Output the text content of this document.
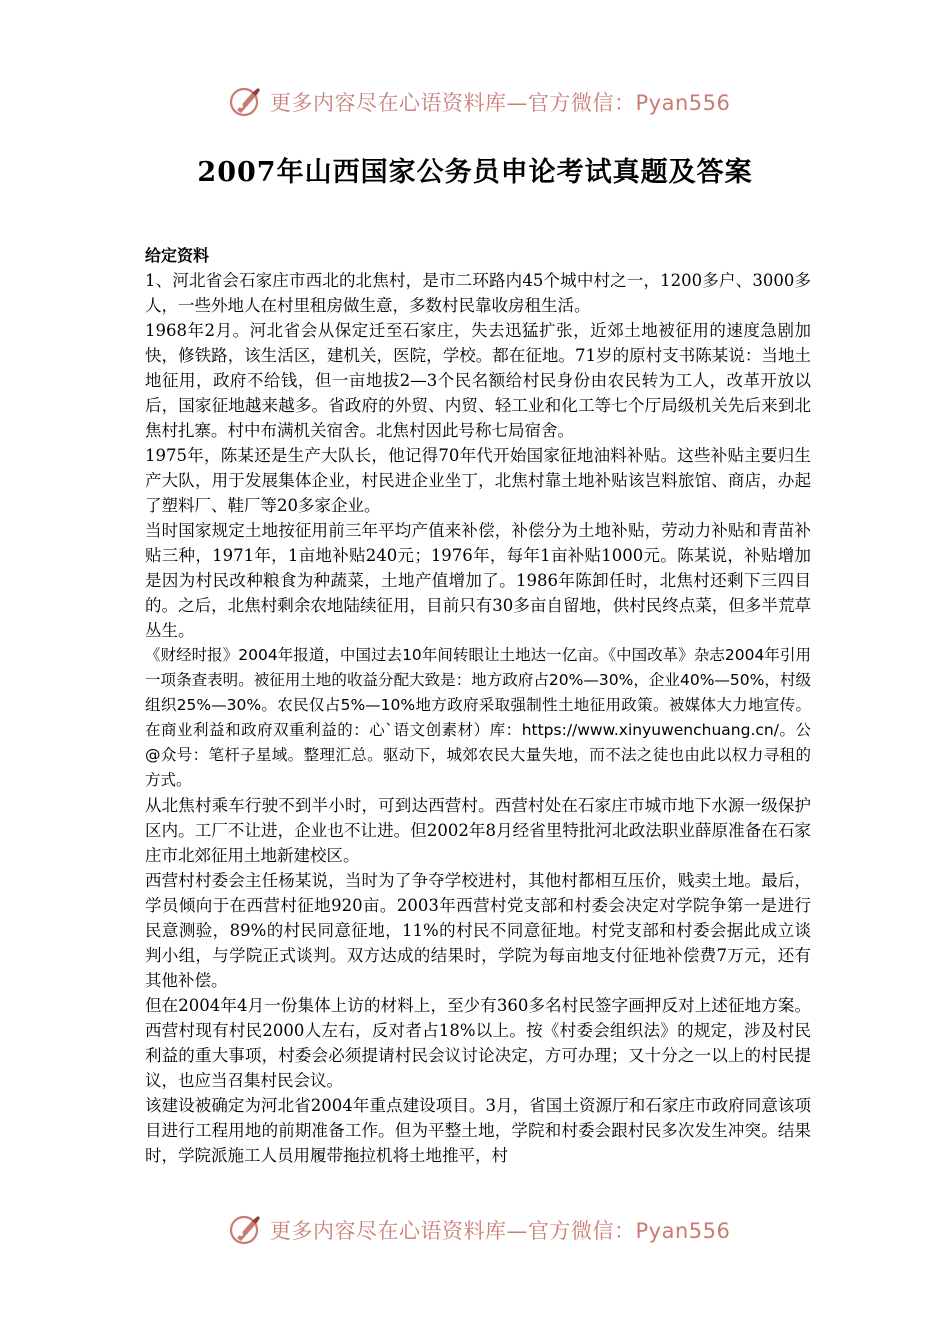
更多内容尽在心语资料库—官方微信：Pyan556
2007年山西国家公务员申论考试真题及答案
给定资料

1、河北省会石家庄市西北的北焦村，是市二环路内45个城中村之一，1200多户、3000多人，一些外地人在村里租房做生意，多数村民靠收房租生活。

1968年2月。河北省会从保定迁至石家庄，失去迅猛扩张，近郊土地被征用的速度急剧加快，修铁路，该生活区，建机关，医院，学校。都在征地。71岁的原村支书陈某说：当地土地征用，政府不给钱，但一亩地拔2—3个民名额给村民身份由农民转为工人，改革开放以后，国家征地越来越多。省政府的外贸、内贸、轻工业和化工等七个厅局级机关先后来到北焦村扎寨。村中布满机关宿舍。北焦村因此号称七局宿舍。

1975年，陈某还是生产大队长，他记得70年代开始国家征地油料补贴。这些补贴主要归生产大队，用于发展集体企业，村民进企业坐丁，北焦村靠土地补贴该岂料旅馆、商店，办起了塑料厂、鞋厂等20多家企业。

当时国家规定土地按征用前三年平均产值来补偿，补偿分为土地补贴，劳动力补贴和青苗补贴三种，1971年，1亩地补贴240元；1976年，每年1亩补贴1000元。陈某说，补贴增加是因为村民改种粮食为种蔬菜，土地产值增加了。1986年陈卸任时，北焦村还剩下三四目的。之后，北焦村剩余农地陆续征用，目前只有30多亩自留地，供村民终点菜，但多半荒草丛生。

《财经时报》2004年报道，中国过去10年间转眼让土地达一亿亩。《中国改革》杂志2004年引用一项条查表明。被征用土地的收益分配大致是：地方政府占20%—30%，企业40%—50%，村级组织25%—30%。农民仅占5%—10%地方政府采取强制性土地征用政策。被媒体大力地宣传。在商业利益和政府双重利益的：心`语文创素材）库：https://www.xinyuwenchuang.cn/。公@众号：笔杆子星域。整理汇总。驱动下，城郊农民大量失地，而不法之徒也由此以权力寻租的方式。

从北焦村乘车行驶不到半小时，可到达西营村。西营村处在石家庄市城市地下水源一级保护区内。工厂不让进，企业也不让进。但2002年8月经省里特批河北政法职业薛原准备在石家庄市北郊征用土地新建校区。

西营村村委会主任杨某说，当时为了争夺学校进村，其他村都相互压价，贱卖土地。最后，学员倾向于在西营村征地920亩。2003年西营村党支部和村委会决定对学院争第一是进行民意测验，89%的村民同意征地，11%的村民不同意征地。村党支部和村委会据此成立谈判小组，与学院正式谈判。双方达成的结果时，学院为每亩地支付征地补偿费7万元，还有其他补偿。

但在2004年4月一份集体上访的材料上，至少有360多名村民签字画押反对上述征地方案。西营村现有村民2000人左右，反对者占18%以上。按《村委会组织法》的规定，涉及村民利益的重大事项，村委会必须提请村民会议讨论决定，方可办理；又十分之一以上的村民提议，也应当召集村民会议。

该建设被确定为河北省2004年重点建设项目。3月，省国土资源厅和石家庄市政府同意该项目进行工程用地的前期准备工作。但为平整土地，学院和村委会跟村民多次发生冲突。结果时，学院派施工人员用履带拖拉机将土地推平，村

更多内容尽在心语资料库—官方微信：Pyan556
